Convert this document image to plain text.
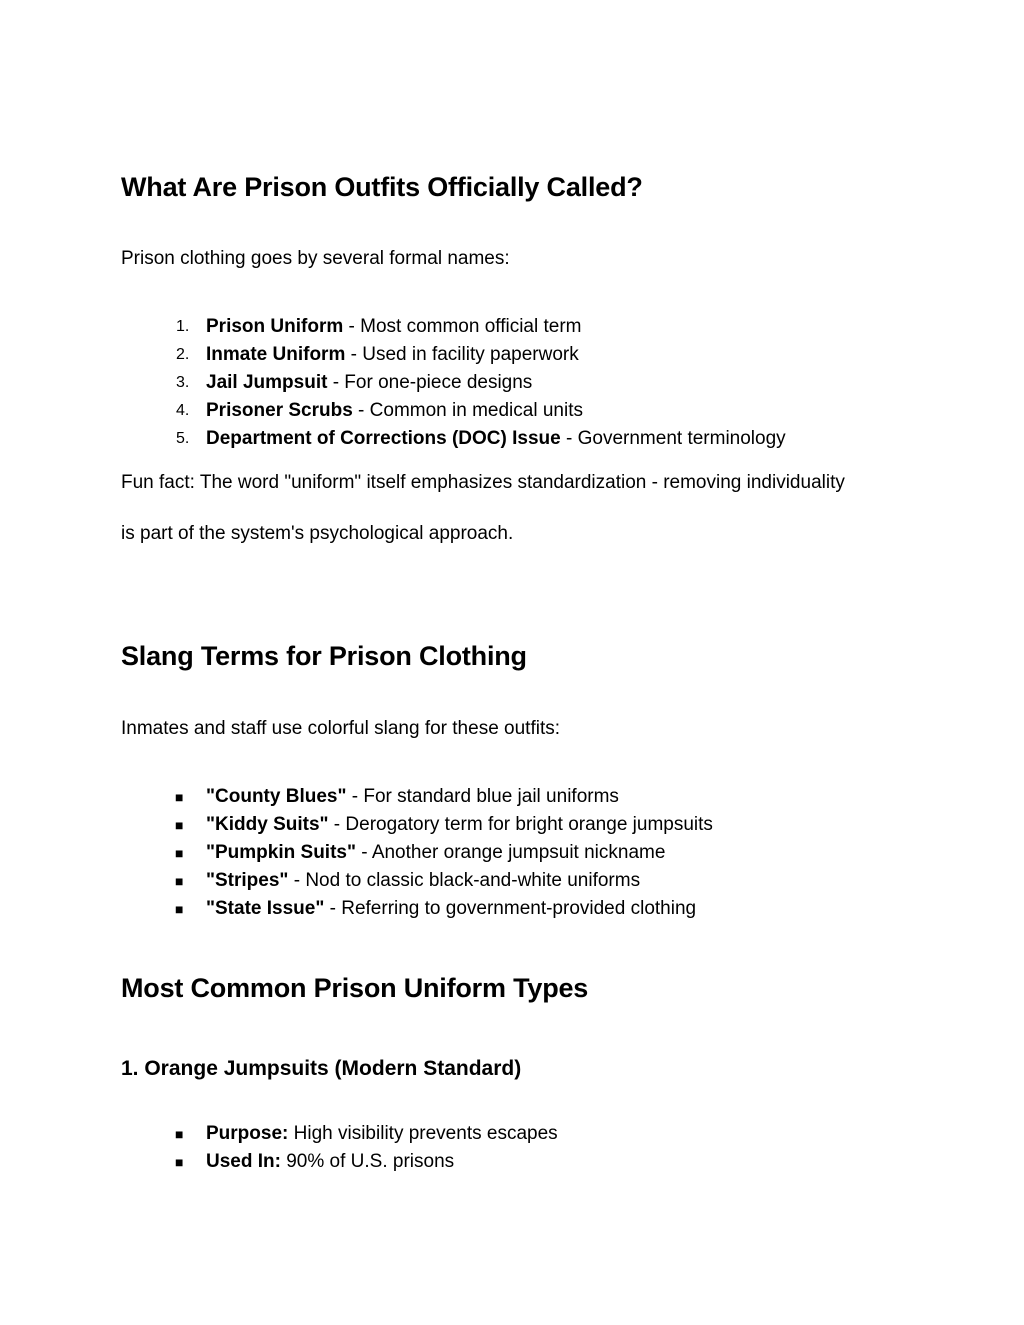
What Are Prison Outfits Officially Called?

Prison clothing goes by several formal names:

1. Prison Uniform - Most common official term
2. Inmate Uniform - Used in facility paperwork
3. Jail Jumpsuit - For one-piece designs
4. Prisoner Scrubs - Common in medical units
5. Department of Corrections (DOC) Issue - Government terminology

Fun fact: The word "uniform" itself emphasizes standardization - removing individuality

is part of the system's psychological approach.

Slang Terms for Prison Clothing

Inmates and staff use colorful slang for these outfits:

■ "County Blues" - For standard blue jail uniforms
■ "Kiddy Suits" - Derogatory term for bright orange jumpsuits
■ "Pumpkin Suits" - Another orange jumpsuit nickname
■ "Stripes" - Nod to classic black-and-white uniforms
■ "State Issue" - Referring to government-provided clothing
Most Common Prison Uniform Types
1. Orange Jumpsuits (Modern Standard)
■ Purpose: High visibility prevents escapes
■ Used In: 90% of U.S. prisons
